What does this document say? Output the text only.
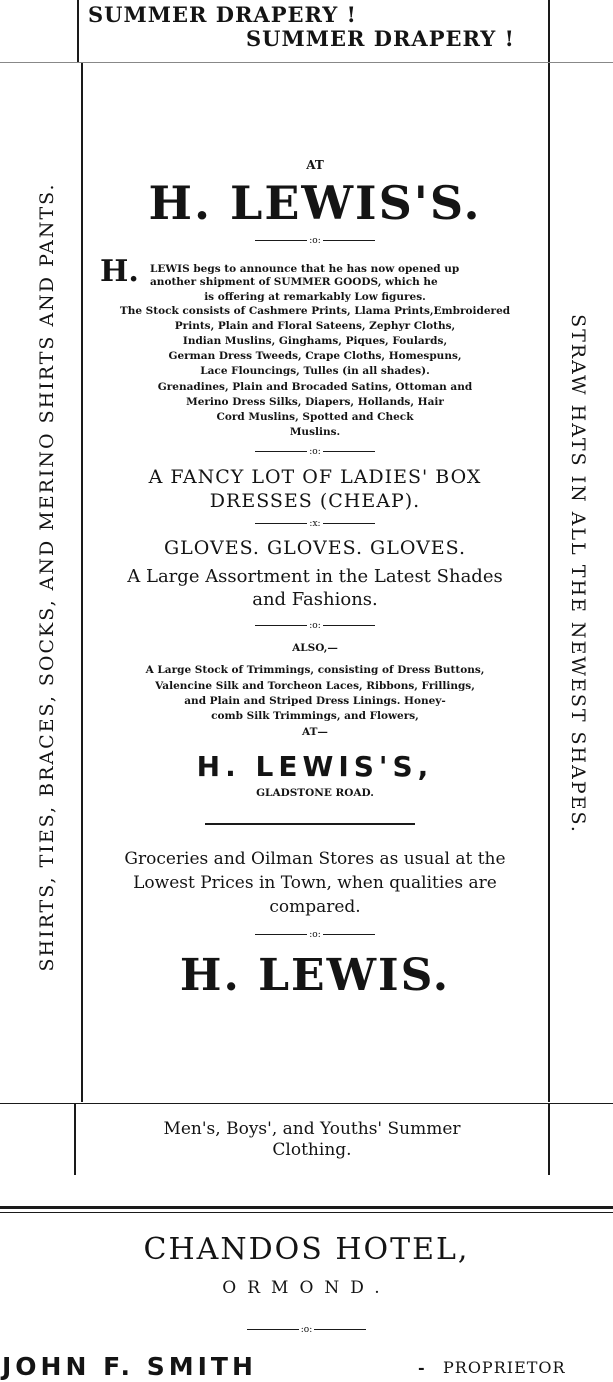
SUMMER DRAPERY !
SUMMER DRAPERY !
SHIRTS, TIES, BRACES, SOCKS, AND MERINO SHIRTS AND PANTS.	STRAW HATS IN ALL THE NEWEST SHAPES.
AT
H. LEWIS'S.
:o:
H. LEWIS begs to announce that he has now opened up
another shipment of SUMMER GOODS, which he
is offering at remarkably Low figures.
The Stock consists of Cashmere Prints, Llama Prints,Embroidered
Prints, Plain and Floral Sateens, Zephyr Cloths,
Indian Muslins, Ginghams, Piques, Foulards,
German Dress Tweeds, Crape Cloths, Homespuns,
Lace Flouncings, Tulles (in all shades).
Grenadines, Plain and Brocaded Satins, Ottoman and
Merino Dress Silks, Diapers, Hollands, Hair
Cord Muslins, Spotted and Check
Muslins.
:o:
A FANCY LOT OF LADIES' BOX
DRESSES (CHEAP).
:x:
GLOVES. GLOVES. GLOVES.
A Large Assortment in the Latest Shades
and Fashions.
:o:
ALSO,—
A Large Stock of Trimmings, consisting of Dress Buttons,
Valencine Silk and Torcheon Laces, Ribbons, Frillings,
and Plain and Striped Dress Linings. Honey-
comb Silk Trimmings, and Flowers,
AT—
H. LEWIS'S,
GLADSTONE ROAD.
Groceries and Oilman Stores as usual at the
Lowest Prices in Town, when qualities are
compared.
:o:
H. LEWIS.
Men's, Boys', and Youths' Summer
Clothing.
CHANDOS HOTEL,
ORMOND.
:o:
JOHN F. SMITH	- PROPRIETOR
